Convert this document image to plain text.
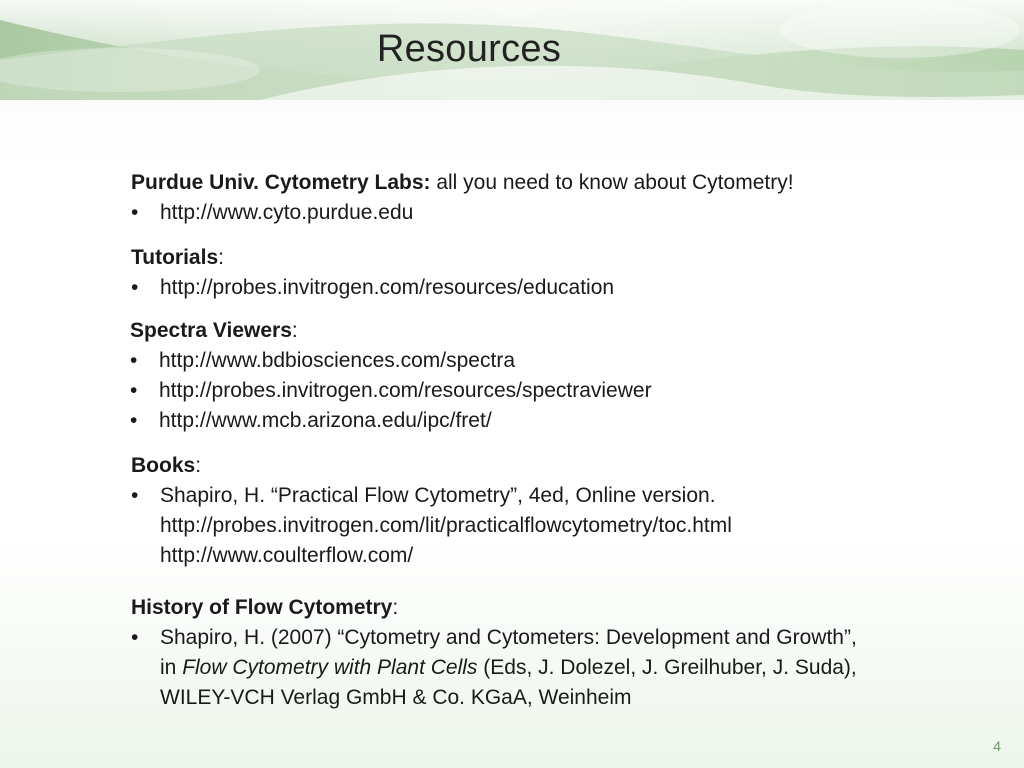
Resources
Purdue Univ. Cytometry Labs: all you need to know about Cytometry!
• http://www.cyto.purdue.edu
Tutorials:
• http://probes.invitrogen.com/resources/education
Spectra Viewers:
• http://www.bdbiosciences.com/spectra
• http://probes.invitrogen.com/resources/spectraviewer
• http://www.mcb.arizona.edu/ipc/fret/
Books:
• Shapiro, H. “Practical Flow Cytometry”, 4ed, Online version.
http://probes.invitrogen.com/lit/practicalflowcytometry/toc.html
http://www.coulterflow.com/
History of Flow Cytometry:
• Shapiro, H. (2007) “Cytometry and Cytometers: Development and Growth”,
in Flow Cytometry with Plant Cells (Eds, J. Dolezel, J. Greilhuber, J. Suda),
WILEY-VCH Verlag GmbH & Co. KGaA, Weinheim
4
